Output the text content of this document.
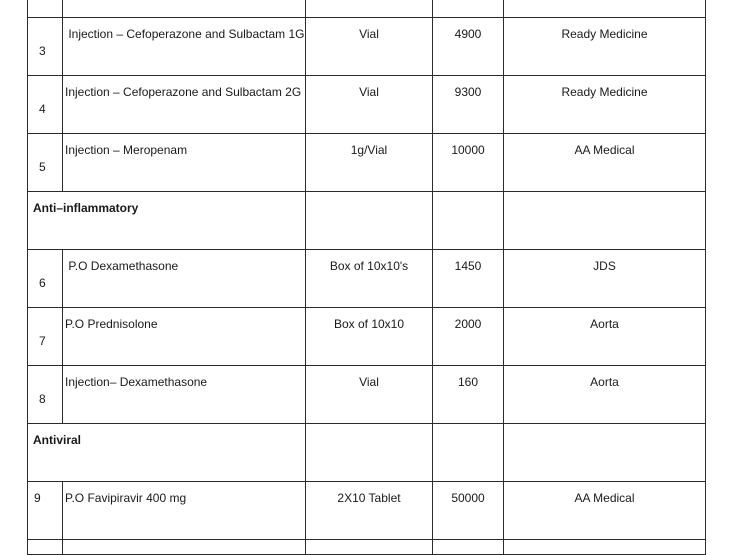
3	Injection – Cefoperazone and Sulbactam 1G	Vial	4900	Ready Medicine
4	Injection – Cefoperazone and Sulbactam 2G	Vial	9300	Ready Medicine
5	Injection – Meropenam	1g/Vial	10000	AA Medical
Anti–inflammatory				
6	P.O Dexamethasone	Box of 10x10's	1450	JDS
7	P.O Prednisolone	Box of 10x10	2000	Aorta
8	Injection– Dexamethasone	Vial	160	Aorta
Antiviral				
9	P.O Favipiravir 400 mg	2X10 Tablet	50000	AA Medical
